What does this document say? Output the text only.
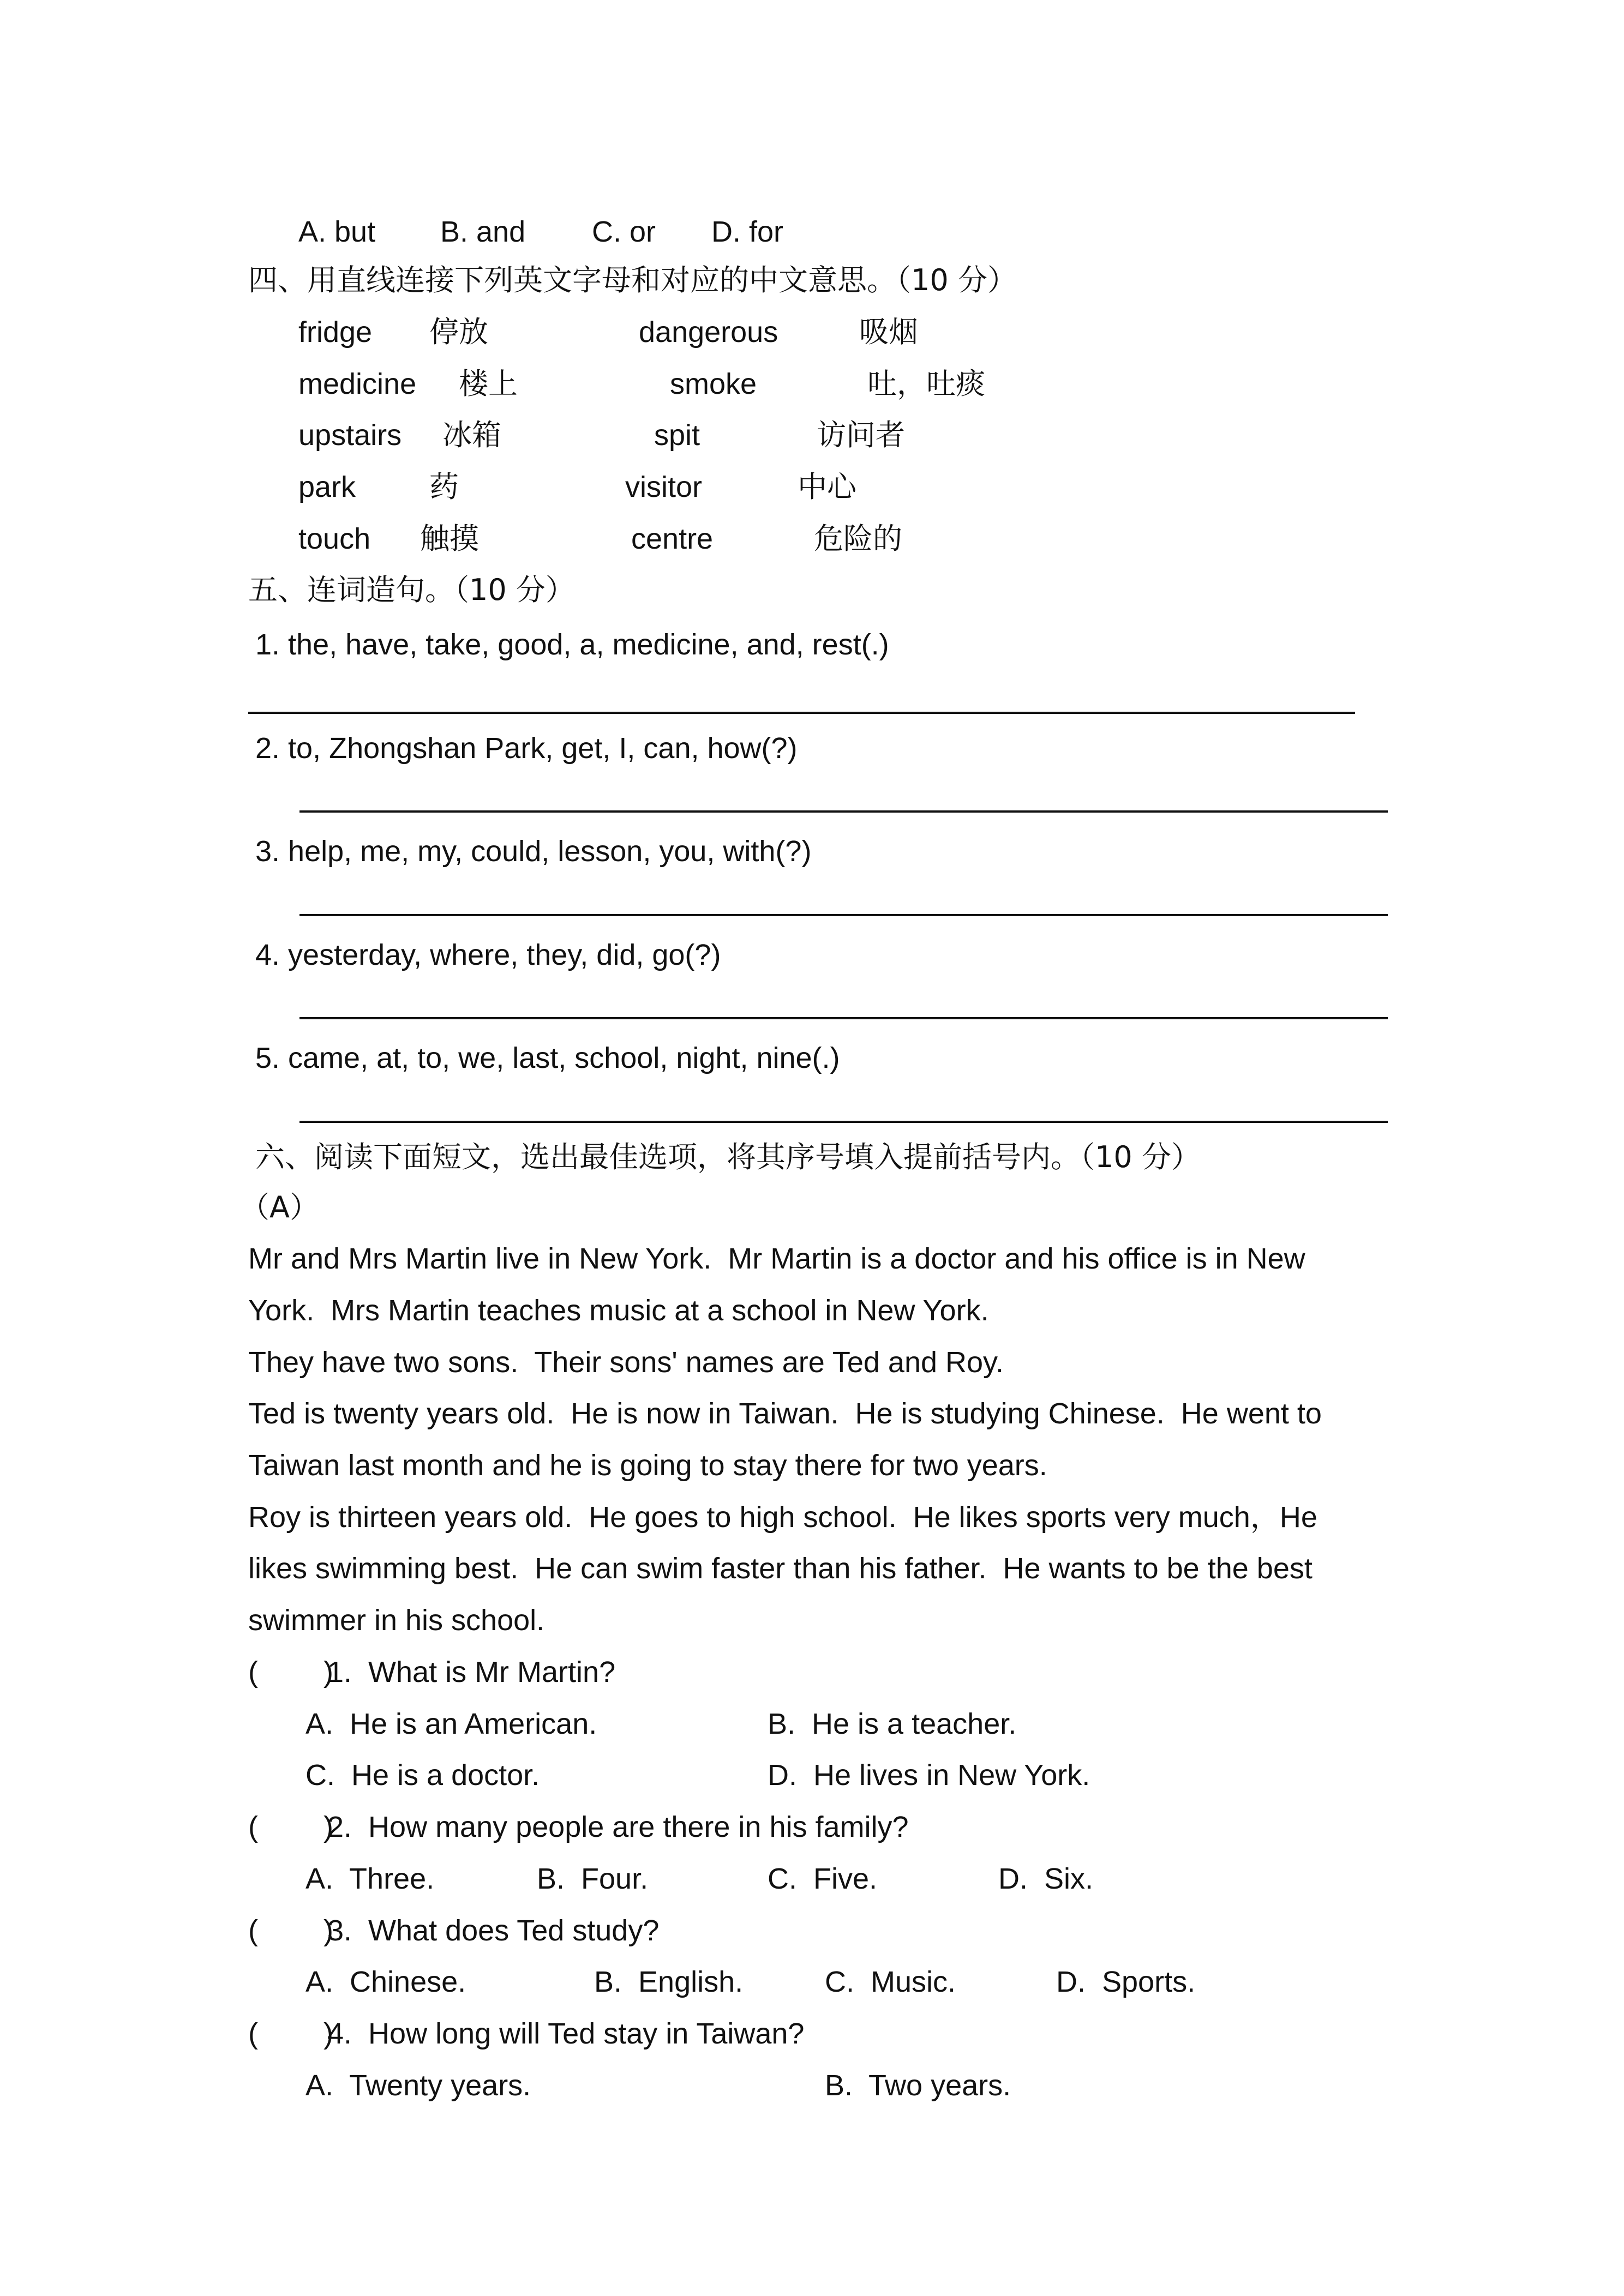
A. but B. and C. or D. for
四、用直线连接下列英文字母和对应的中文意思。（10 分）
fridge 停放	dangerous	吸烟
medicine 楼上	smoke	吐，吐痰
upstairs 冰箱	spit	访问者
park 药	visitor	中心
touch 触摸	centre	危险的
五、连词造句。（10 分）
1. the, have, take, good, a, medicine, and, rest(.)
2. to, Zhongshan Park, get, I, can, how(?)
3. help, me, my, could, lesson, you, with(?)
4. yesterday, where, they, did, go(?)
5. came, at, to, we, last, school, night, nine(.)
六、阅读下面短文，选出最佳选项，将其序号填入提前括号内。（10 分）
（A）
Mr and Mrs Martin live in New York.  Mr Martin is a doctor and his office is in New
York.  Mrs Martin teaches music at a school in New York.
They have two sons.  Their sons' names are Ted and Roy.
Ted is twenty years old.  He is now in Taiwan.  He is studying Chinese.  He went to
Taiwan last month and he is going to stay there for two years.
Roy is thirteen years old.  He goes to high school.  He likes sports very much，He
likes swimming best.  He can swim faster than his father.  He wants to be the best
swimmer in his school.
(        )
1.  What is Mr Martin?
A.  He is an American.	B.  He is a teacher.
C.  He is a doctor.	D.  He lives in New York.
(        )
2.  How many people are there in his family?
A.  Three.	B.  Four.	C.  Five.	D.  Six.
(        )
3.  What does Ted study?
A.  Chinese.	B.  English.	C.  Music.	D.  Sports.
(        )
4.  How long will Ted stay in Taiwan?
A.  Twenty years.	B.  Two years.
